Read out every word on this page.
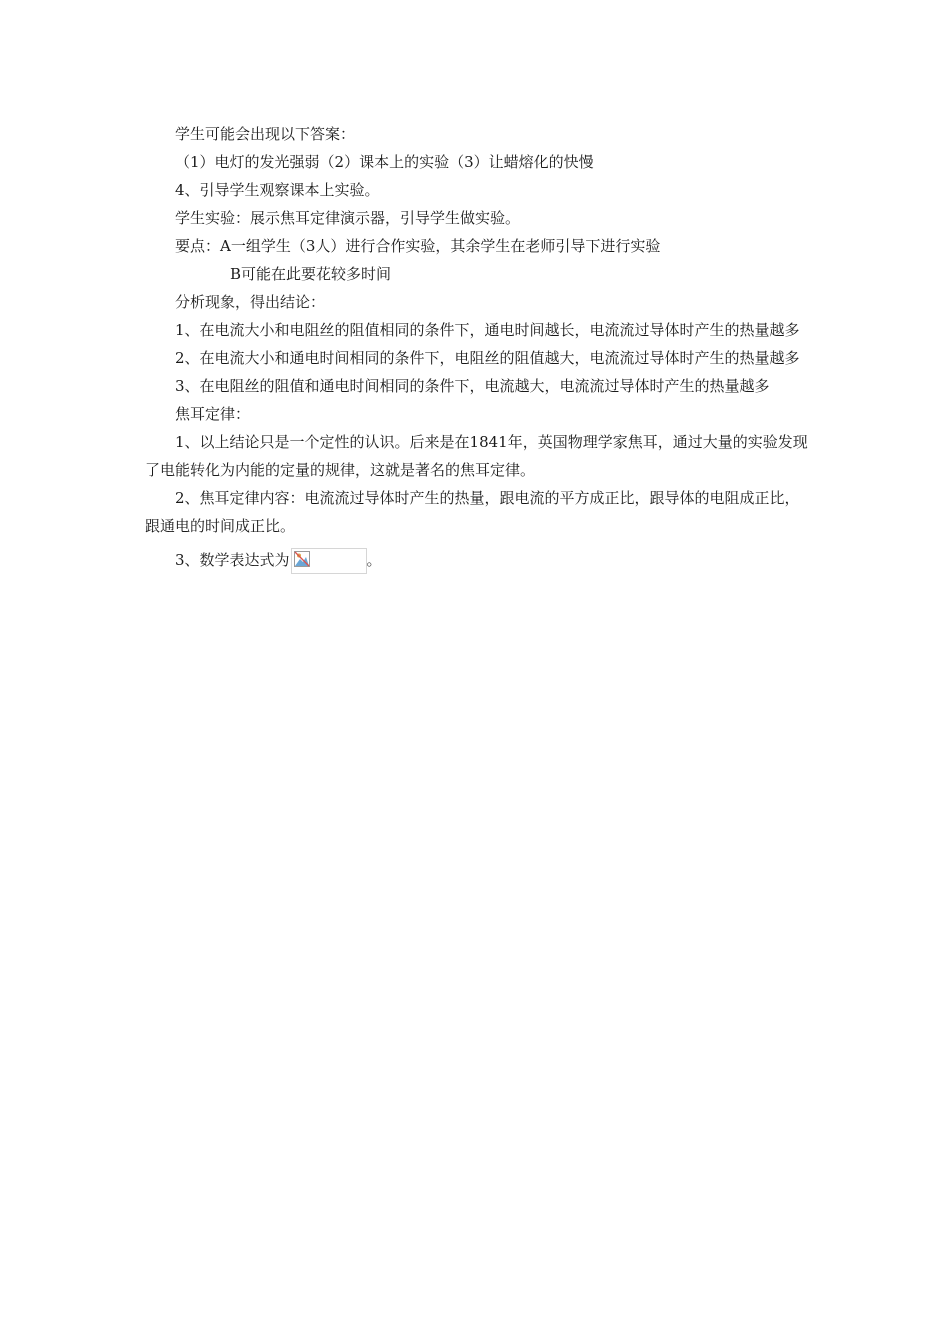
学生可能会出现以下答案：

（1）电灯的发光强弱（2）课本上的实验（3）让蜡熔化的快慢

4、引导学生观察课本上实验。

学生实验：展示焦耳定律演示器，引导学生做实验。

要点：A一组学生（3人）进行合作实验，其余学生在老师引导下进行实验

B可能在此要花较多时间

分析现象，得出结论：

1、在电流大小和电阻丝的阻值相同的条件下，通电时间越长，电流流过导体时产生的热量越多

2、在电流大小和通电时间相同的条件下，电阻丝的阻值越大，电流流过导体时产生的热量越多

3、在电阻丝的阻值和通电时间相同的条件下，电流越大，电流流过导体时产生的热量越多

焦耳定律：

1、以上结论只是一个定性的认识。后来是在1841年，英国物理学家焦耳，通过大量的实验发现了电能转化为内能的定量的规律，这就是著名的焦耳定律。

2、焦耳定律内容：电流流过导体时产生的热量，跟电流的平方成正比，跟导体的电阻成正比，跟通电的时间成正比。

3、数学表达式为	。
